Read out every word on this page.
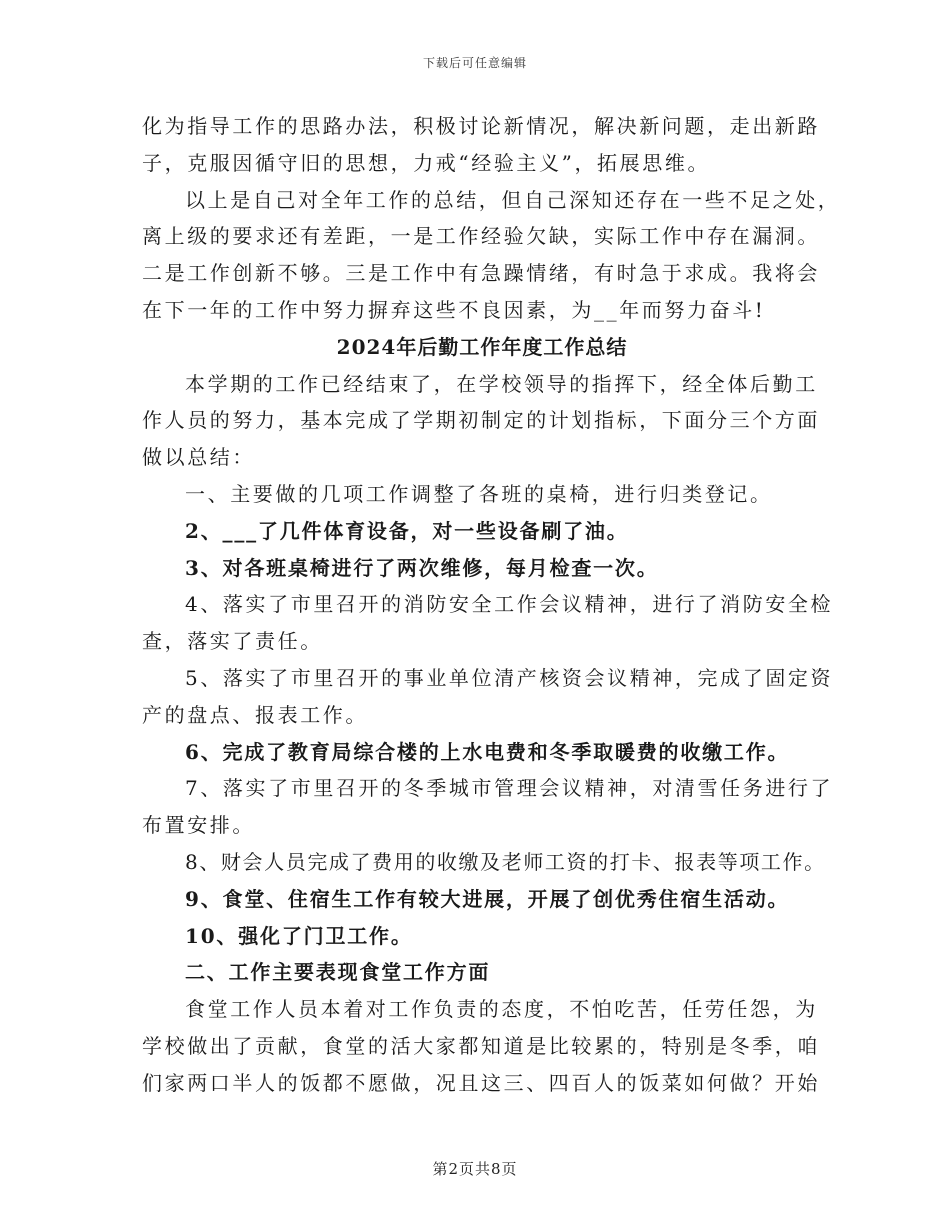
下载后可任意编辑
化为指导工作的思路办法，积极讨论新情况，解决新问题，走出新路
子，克服因循守旧的思想，力戒“经验主义”，拓展思维。
以上是自己对全年工作的总结，但自己深知还存在一些不足之处，
离上级的要求还有差距，一是工作经验欠缺，实际工作中存在漏洞。
二是工作创新不够。三是工作中有急躁情绪，有时急于求成。我将会
在下一年的工作中努力摒弃这些不良因素，为__年而努力奋斗!
2024年后勤工作年度工作总结
本学期的工作已经结束了，在学校领导的指挥下，经全体后勤工
作人员的努力，基本完成了学期初制定的计划指标，下面分三个方面
做以总结：
一、主要做的几项工作调整了各班的桌椅，进行归类登记。
2、___了几件体育设备，对一些设备刷了油。
3、对各班桌椅进行了两次维修，每月检查一次。
4、落实了市里召开的消防安全工作会议精神，进行了消防安全检
查，落实了责任。
5、落实了市里召开的事业单位清产核资会议精神，完成了固定资
产的盘点、报表工作。
6、完成了教育局综合楼的上水电费和冬季取暖费的收缴工作。
7、落实了市里召开的冬季城市管理会议精神，对清雪任务进行了
布置安排。
8、财会人员完成了费用的收缴及老师工资的打卡、报表等项工作。
9、食堂、住宿生工作有较大进展，开展了创优秀住宿生活动。
10、强化了门卫工作。
二、工作主要表现食堂工作方面
食堂工作人员本着对工作负责的态度，不怕吃苦，任劳任怨，为
学校做出了贡献，食堂的活大家都知道是比较累的，特别是冬季，咱
们家两口半人的饭都不愿做，况且这三、四百人的饭菜如何做？开始
第2页共8页
